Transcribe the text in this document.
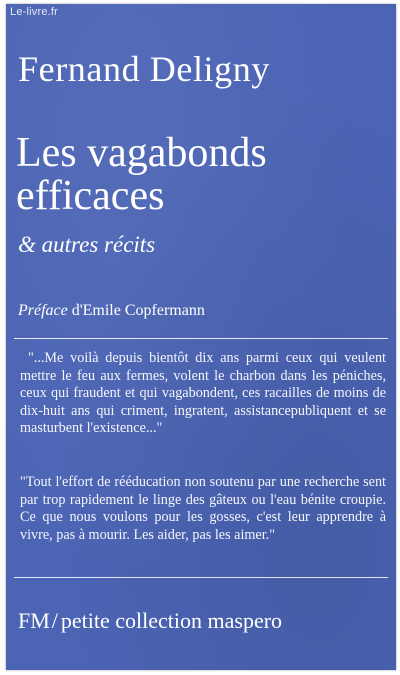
Le-livre.fr
Fernand Deligny
Les vagabonds
efficaces
& autres récits
Préface d'Emile Copfermann
"...Me voilà depuis bientôt dix ans parmi ceux qui veulent mettre le feu aux fermes, volent le charbon dans les péniches, ceux qui fraudent et qui vagabondent, ces racailles de moins de dix-huit ans qui criment, ingratent, assistancepubliquent et se masturbent l'existence..."
"Tout l'effort de rééducation non soutenu par une recherche sent par trop rapidement le linge des gâteux ou l'eau bénite croupie. Ce que nous voulons pour les gosses, c'est leur apprendre à vivre, pas à mourir. Les aider, pas les aimer."
FM/ petite collection maspero
